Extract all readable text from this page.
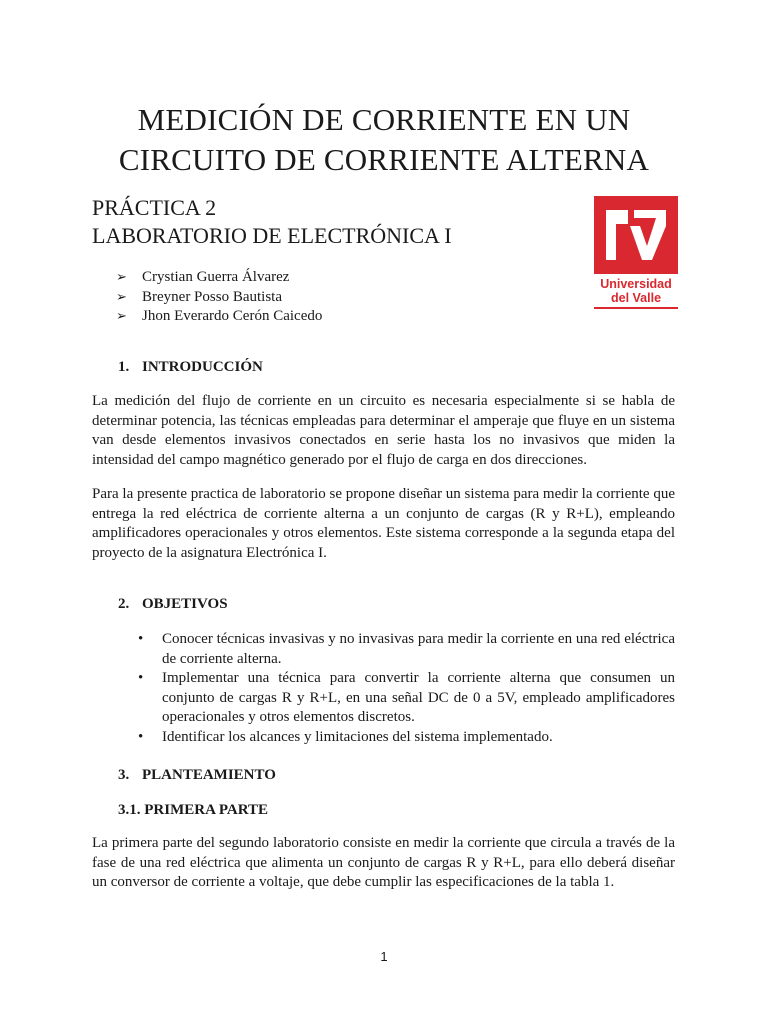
MEDICIÓN DE CORRIENTE EN UN
CIRCUITO DE CORRIENTE ALTERNA
PRÁCTICA 2
LABORATORIO DE ELECTRÓNICA I
Universidad
del Valle
➢	Crystian Guerra Álvarez
➢	Breyner Posso Bautista
➢	Jhon Everardo Cerón Caicedo
1. INTRODUCCIÓN

La medición del flujo de corriente en un circuito es necesaria especialmente si se habla de determinar potencia, las técnicas empleadas para determinar el amperaje que fluye en un sistema van desde elementos invasivos conectados en serie hasta los no invasivos que miden la intensidad del campo magnético generado por el flujo de carga en dos direcciones.

Para la presente practica de laboratorio se propone diseñar un sistema para medir la corriente que entrega la red eléctrica de corriente alterna a un conjunto de cargas (R y R+L), empleando amplificadores operacionales y otros elementos. Este sistema corresponde a la segunda etapa del proyecto de la asignatura Electrónica I.

2. OBJETIVOS
•	Conocer técnicas invasivas y no invasivas para medir la corriente en una red eléctrica de corriente alterna.
•	Implementar una técnica para convertir la corriente alterna que consumen un conjunto de cargas R y R+L, en una señal DC de 0 a 5V, empleado amplificadores operacionales y otros elementos discretos.
•	Identificar los alcances y limitaciones del sistema implementado.
3. PLANTEAMIENTO
3.1. PRIMERA PARTE

La primera parte del segundo laboratorio consiste en medir la corriente que circula a través de la fase de una red eléctrica que alimenta un conjunto de cargas R y R+L, para ello deberá diseñar un conversor de corriente a voltaje, que debe cumplir las especificaciones de la tabla 1.

1
